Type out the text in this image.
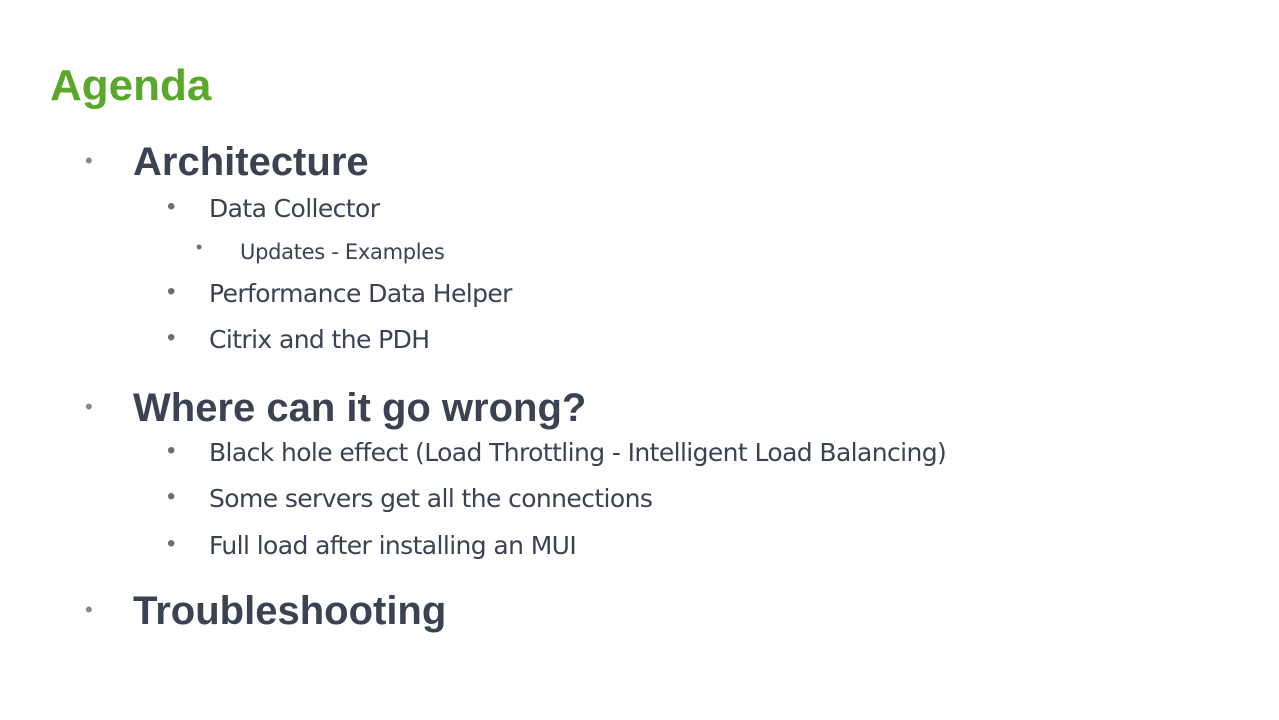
Agenda
• Architecture
• Data Collector
• Updates - Examples
• Performance Data Helper
• Citrix and the PDH
• Where can it go wrong?
• Black hole effect (Load Throttling - Intelligent Load Balancing)
• Some servers get all the connections
• Full load after installing an MUI
• Troubleshooting
